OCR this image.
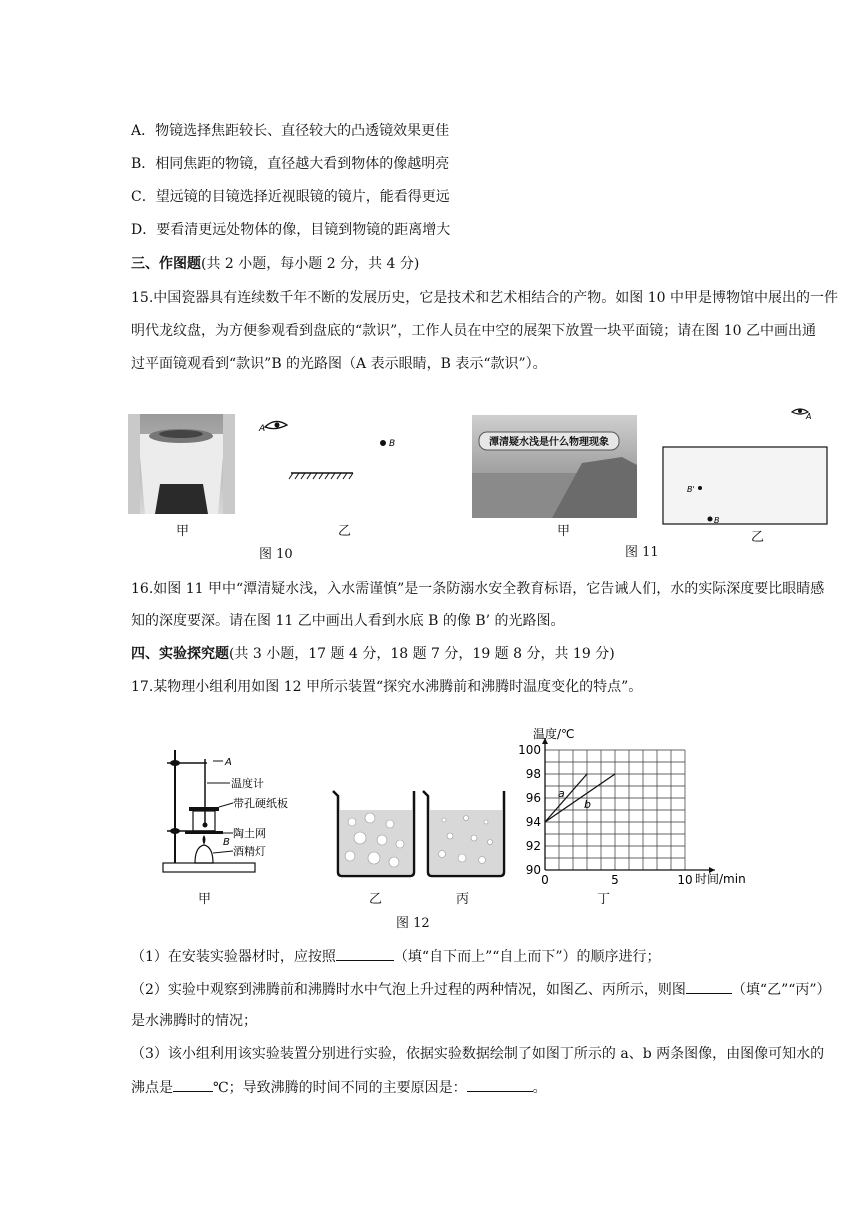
A．物镜选择焦距较长、直径较大的凸透镜效果更佳
B．相同焦距的物镜，直径越大看到物体的像越明亮
C．望远镜的目镜选择近视眼镜的镜片，能看得更远
D．要看清更远处物体的像，目镜到物镜的距离增大
三、作图题(共 2 小题，每小题 2 分，共 4 分)
15.中国瓷器具有连续数千年不断的发展历史，它是技术和艺术相结合的产物。如图 10 中甲是博物馆中展出的一件
明代龙纹盘，为方便参观看到盘底的“款识”，工作人员在中空的展架下放置一块平面镜；请在图 10 乙中画出通
过平面镜观看到“款识”B 的光路图（A 表示眼睛，B 表示“款识”）。
甲
A
B
乙
图 10
潭清疑水浅是什么物理现象
甲
A
B'
B
乙
图 11
16.如图 11 甲中“潭清疑水浅，入水需谨慎”是一条防溺水安全教育标语，它告诫人们，水的实际深度要比眼睛感
知的深度要深。请在图 11 乙中画出人看到水底 B 的像 B’ 的光路图。
四、实验探究题(共 3 小题，17 题 4 分，18 题 7 分，19 题 8 分，共 19 分)
17.某物理小组利用如图 12 甲所示装置“探究水沸腾前和沸腾时温度变化的特点”。
A
温度计
带孔硬纸板
陶土网
B
酒精灯
甲	乙	丙
90
92
94
96
98
100
0	5	10
a
b
温度/℃
时间/min
丁
图 12
（1）在安装实验器材时，应按照	（填“自下而上”“自上而下”）的顺序进行；
（2）实验中观察到沸腾前和沸腾时水中气泡上升过程的两种情况，如图乙、丙所示，则图	（填“乙”“丙”）
是水沸腾时的情况；
（3）该小组利用该实验装置分别进行实验，依据实验数据绘制了如图丁所示的 a、b 两条图像，由图像可知水的
沸点是	℃；导致沸腾的时间不同的主要原因是：	。
